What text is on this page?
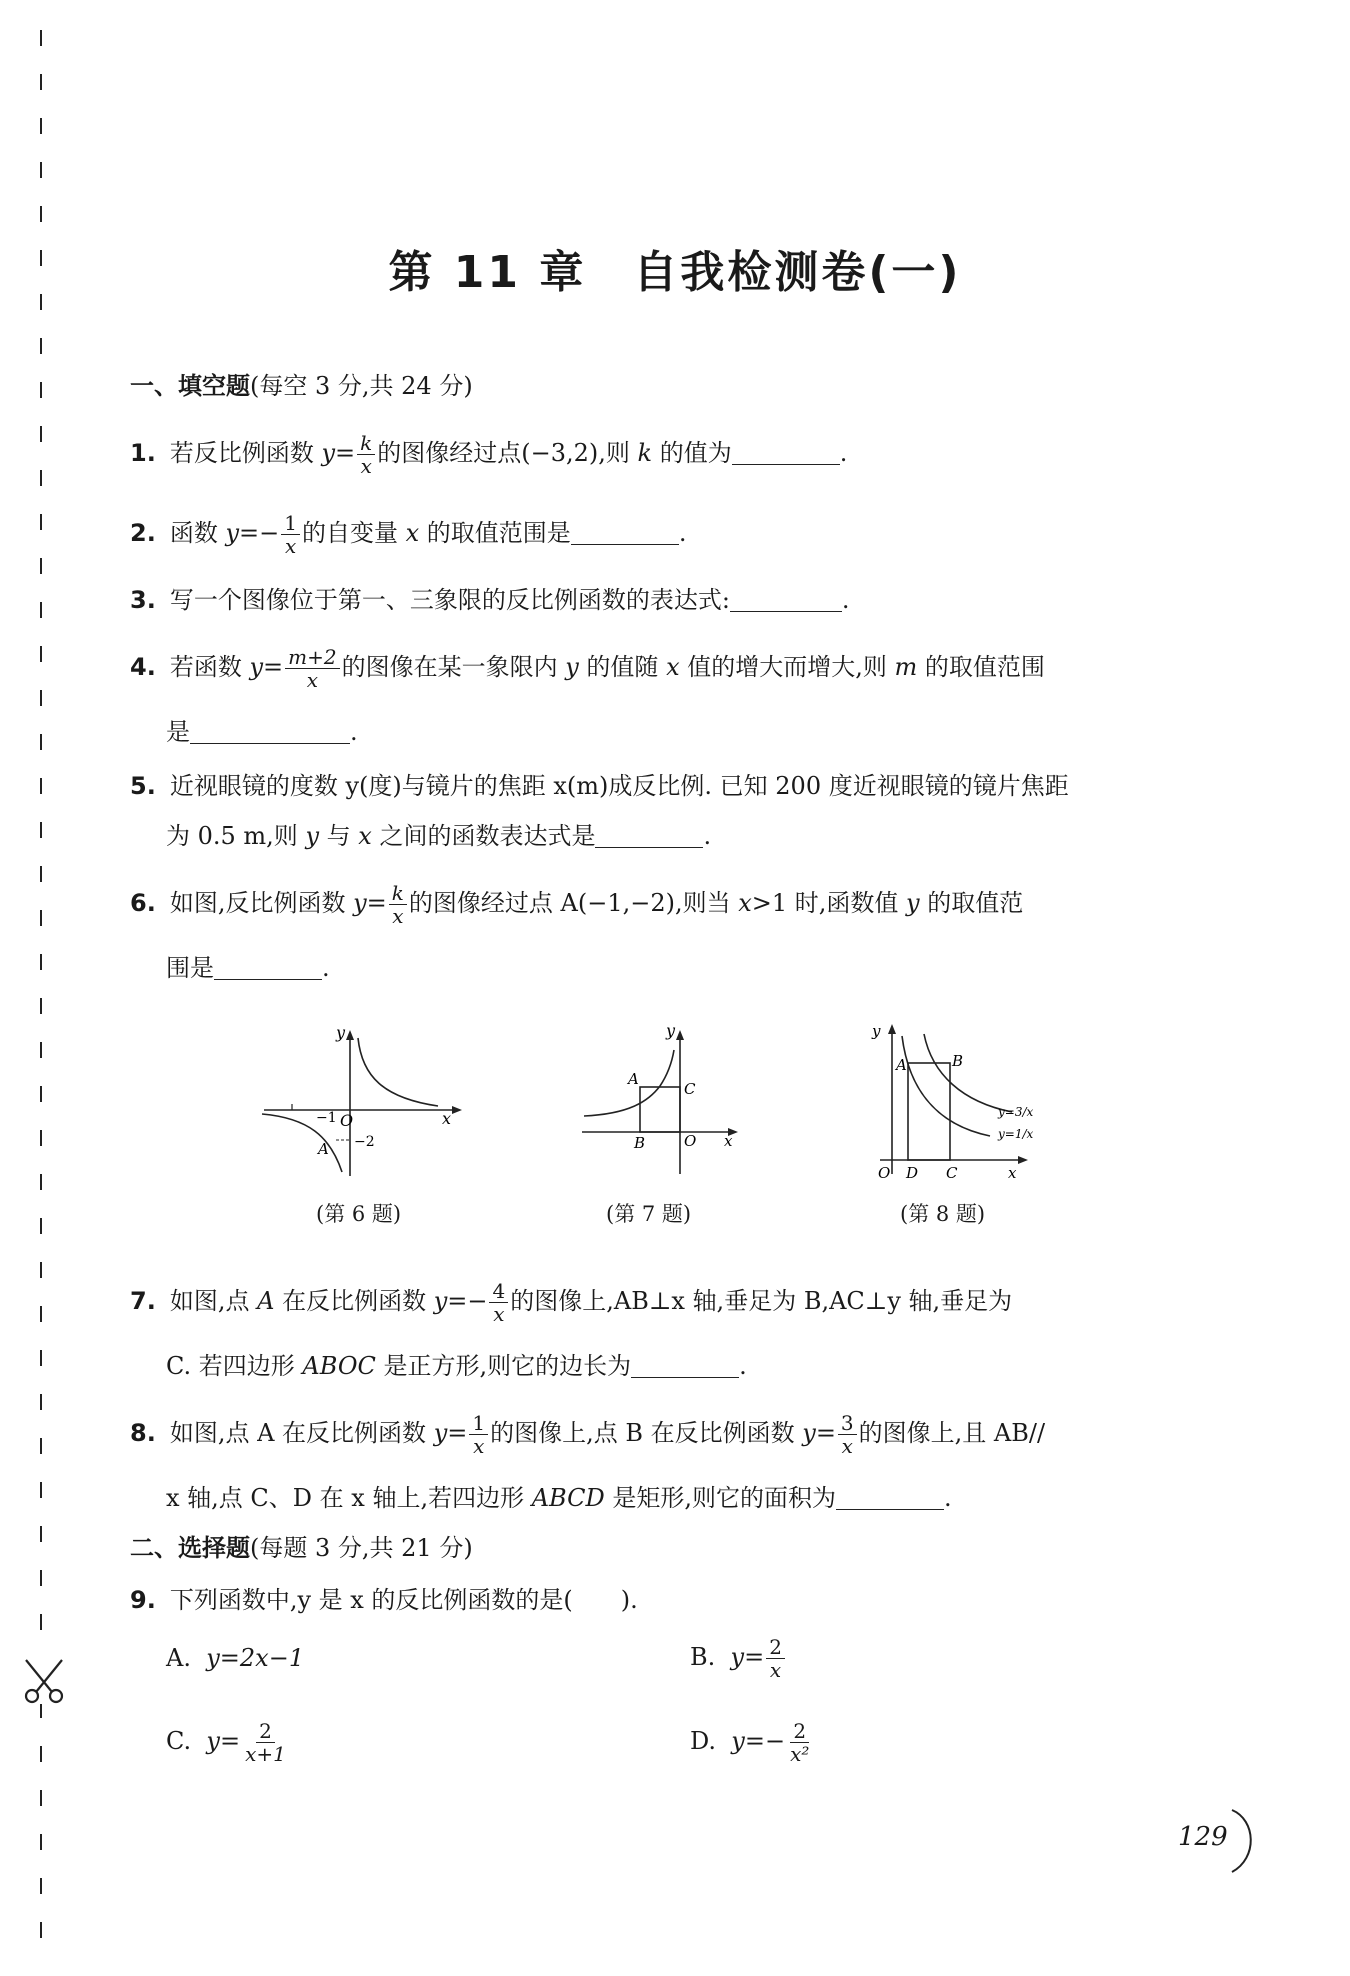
第 11 章　自我检测卷(一)
一、填空题(每空 3 分,共 24 分)
1. 若反比例函数 $y= \frac{k}{x}$ 的图像经过点(−3,2),则 k 的值为	.
2. 函数 $y=- \frac{1}{x}$ 的自变量 x 的取值范围是	.
3. 写一个图像位于第一、三象限的反比例函数的表达式:	.
4. 若函数 $y= \frac{m+2}{x}$ 的图像在某一象限内 y 的值随 x 值的增大而增大,则 m 的取值范围
是	.
5. 近视眼镜的度数 y(度)与镜片的焦距 x(m)成反比例. 已知 200 度近视眼镜的镜片焦距
为 0.5 m,则 y 与 x 之间的函数表达式是	.
6. 如图,反比例函数 $y= \frac{k}{x}$ 的图像经过点 A(−1,−2),则当 x>1 时,函数值 y 的取值范
围是	.
y
x
O
A
−1
−2
(第 6 题)
y
x
O
A
B
C
(第 7 题)
y
x
O
A	B
C
D
y=3/x
y=1/x
(第 8 题)
7. 如图,点 A 在反比例函数 $y=- \frac{4}{x}$ 的图像上,AB⊥x 轴,垂足为 B,AC⊥y 轴,垂足为
C. 若四边形 ABOC 是正方形,则它的边长为	.
8. 如图,点 A 在反比例函数 $y= \frac{1}{x}$ 的图像上,点 B 在反比例函数 $y= \frac{3}{x}$ 的图像上,且 AB//
x 轴,点 C、D 在 x 轴上,若四边形 ABCD 是矩形,则它的面积为	.
二、选择题(每题 3 分,共 21 分)
9. 下列函数中,y 是 x 的反比例函数的是(　　).
A. y=2x−1	B. $y= \frac{2}{x}$
C. $y= \frac{2}{x+1}$	D. $y=- \frac{2}{\text{x²}}$
129
